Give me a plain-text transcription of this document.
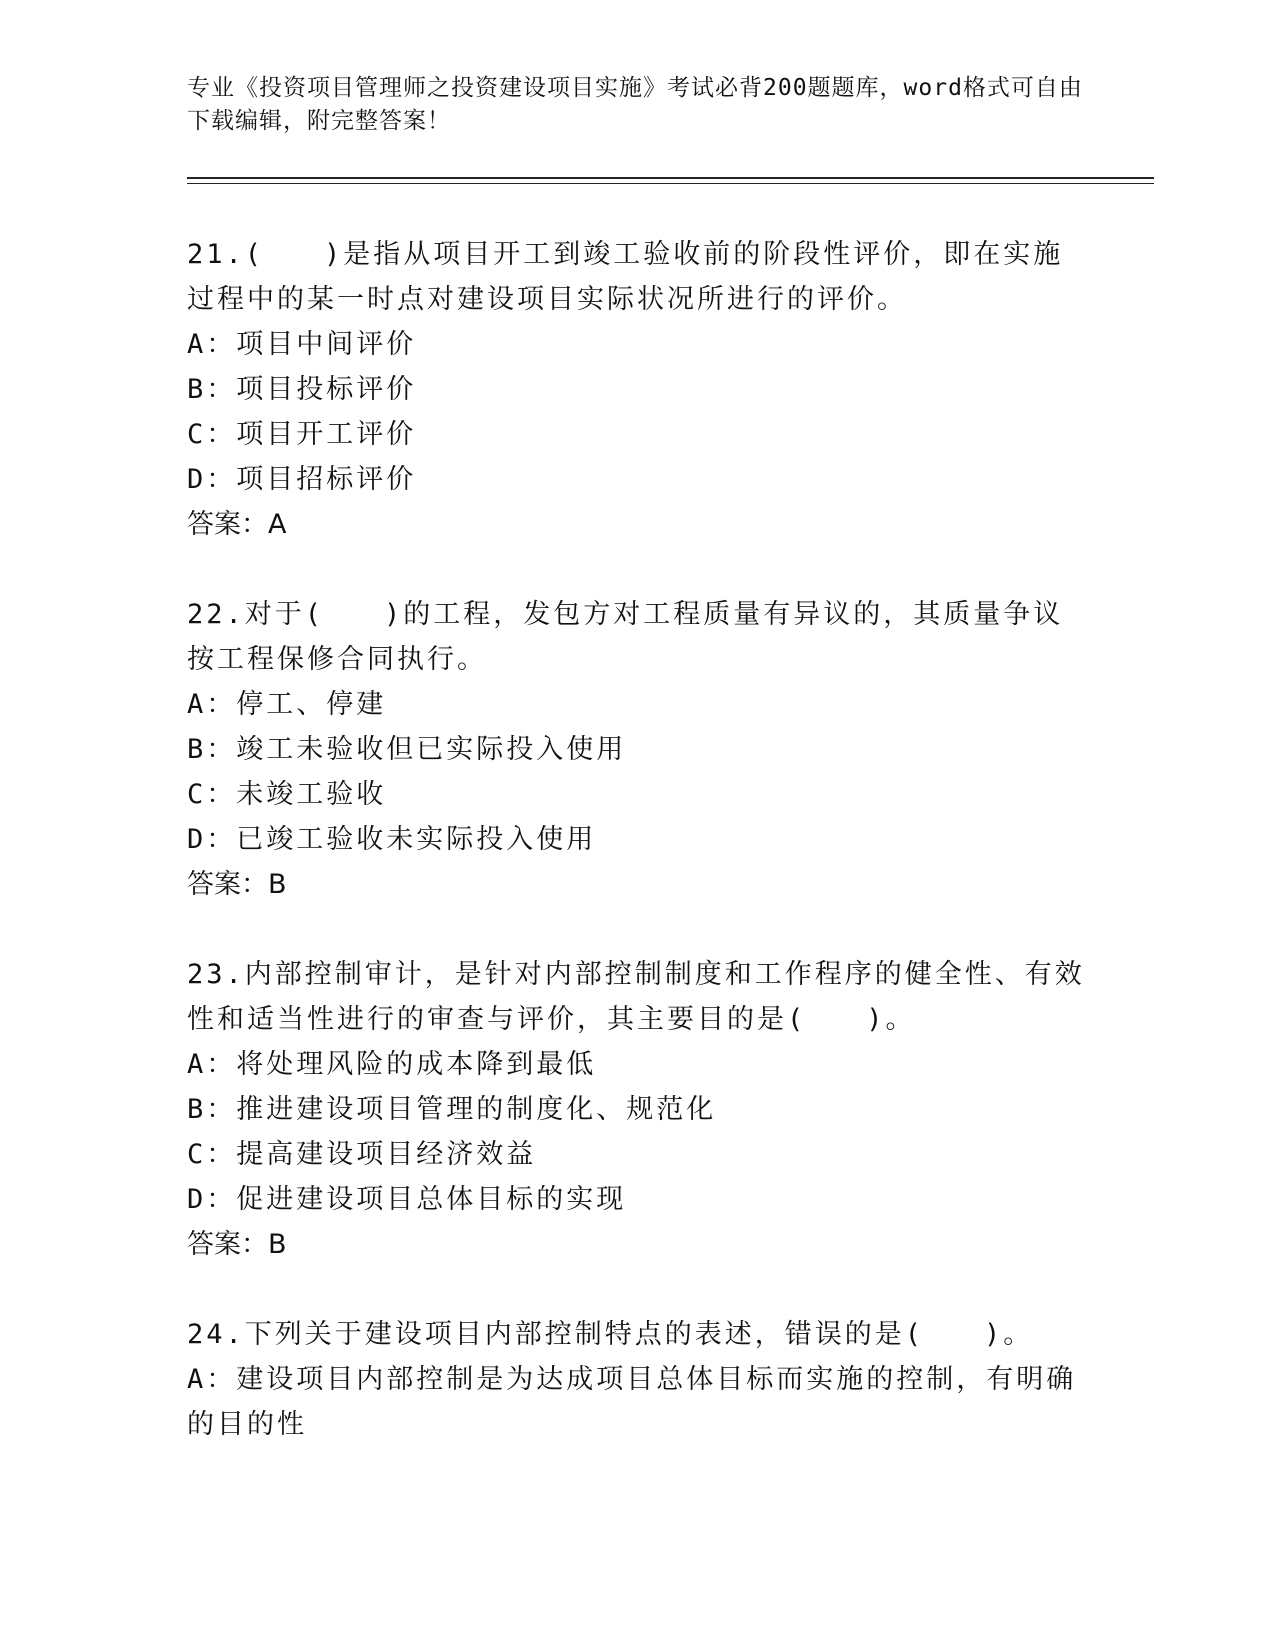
专业《投资项目管理师之投资建设项目实施》考试必背200题题库，word格式可自由下载编辑，附完整答案！

21.(　　)是指从项目开工到竣工验收前的阶段性评价，即在实施过程中的某一时点对建设项目实际状况所进行的评价。

A：项目中间评价

B：项目投标评价

C：项目开工评价

D：项目招标评价

答案：A

22.对于(　　)的工程，发包方对工程质量有异议的，其质量争议按工程保修合同执行。

A：停工、停建

B：竣工未验收但已实际投入使用

C：未竣工验收

D：已竣工验收未实际投入使用

答案：B

23.内部控制审计，是针对内部控制制度和工作程序的健全性、有效性和适当性进行的审查与评价，其主要目的是(　　)。

A：将处理风险的成本降到最低

B：推进建设项目管理的制度化、规范化

C：提高建设项目经济效益

D：促进建设项目总体目标的实现

答案：B

24.下列关于建设项目内部控制特点的表述，错误的是(　　)。

A：建设项目内部控制是为达成项目总体目标而实施的控制，有明确的目的性
